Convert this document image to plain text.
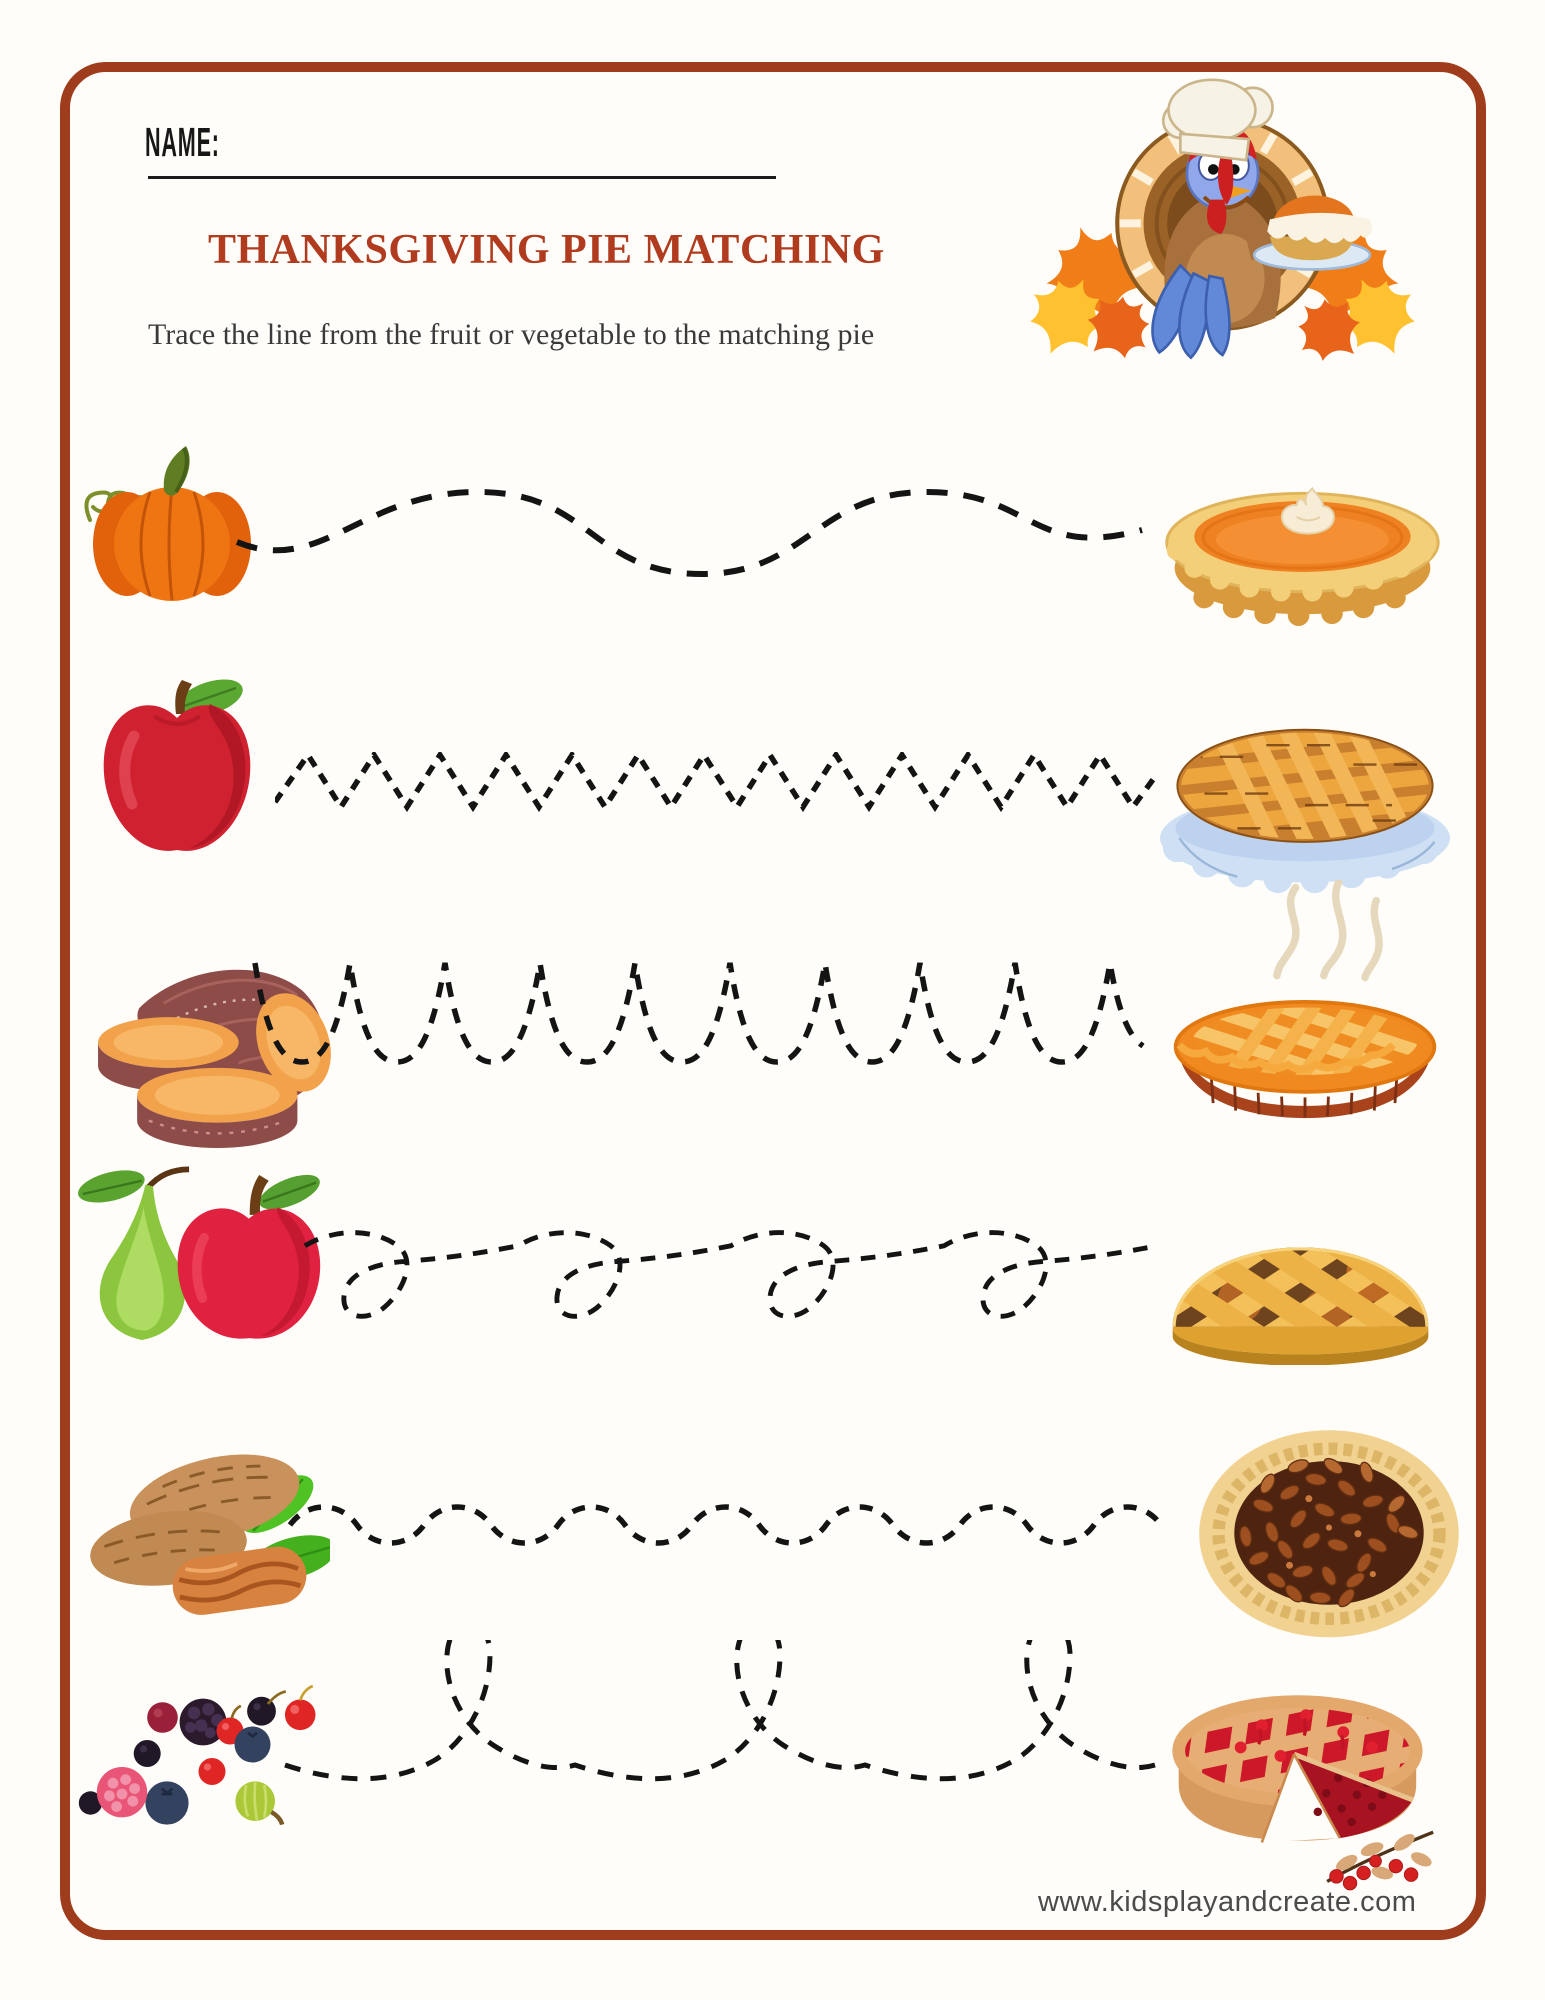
NAME:
THANKSGIVING PIE MATCHING
Trace the line from the fruit or vegetable to the matching pie
www.kidsplayandcreate.com
